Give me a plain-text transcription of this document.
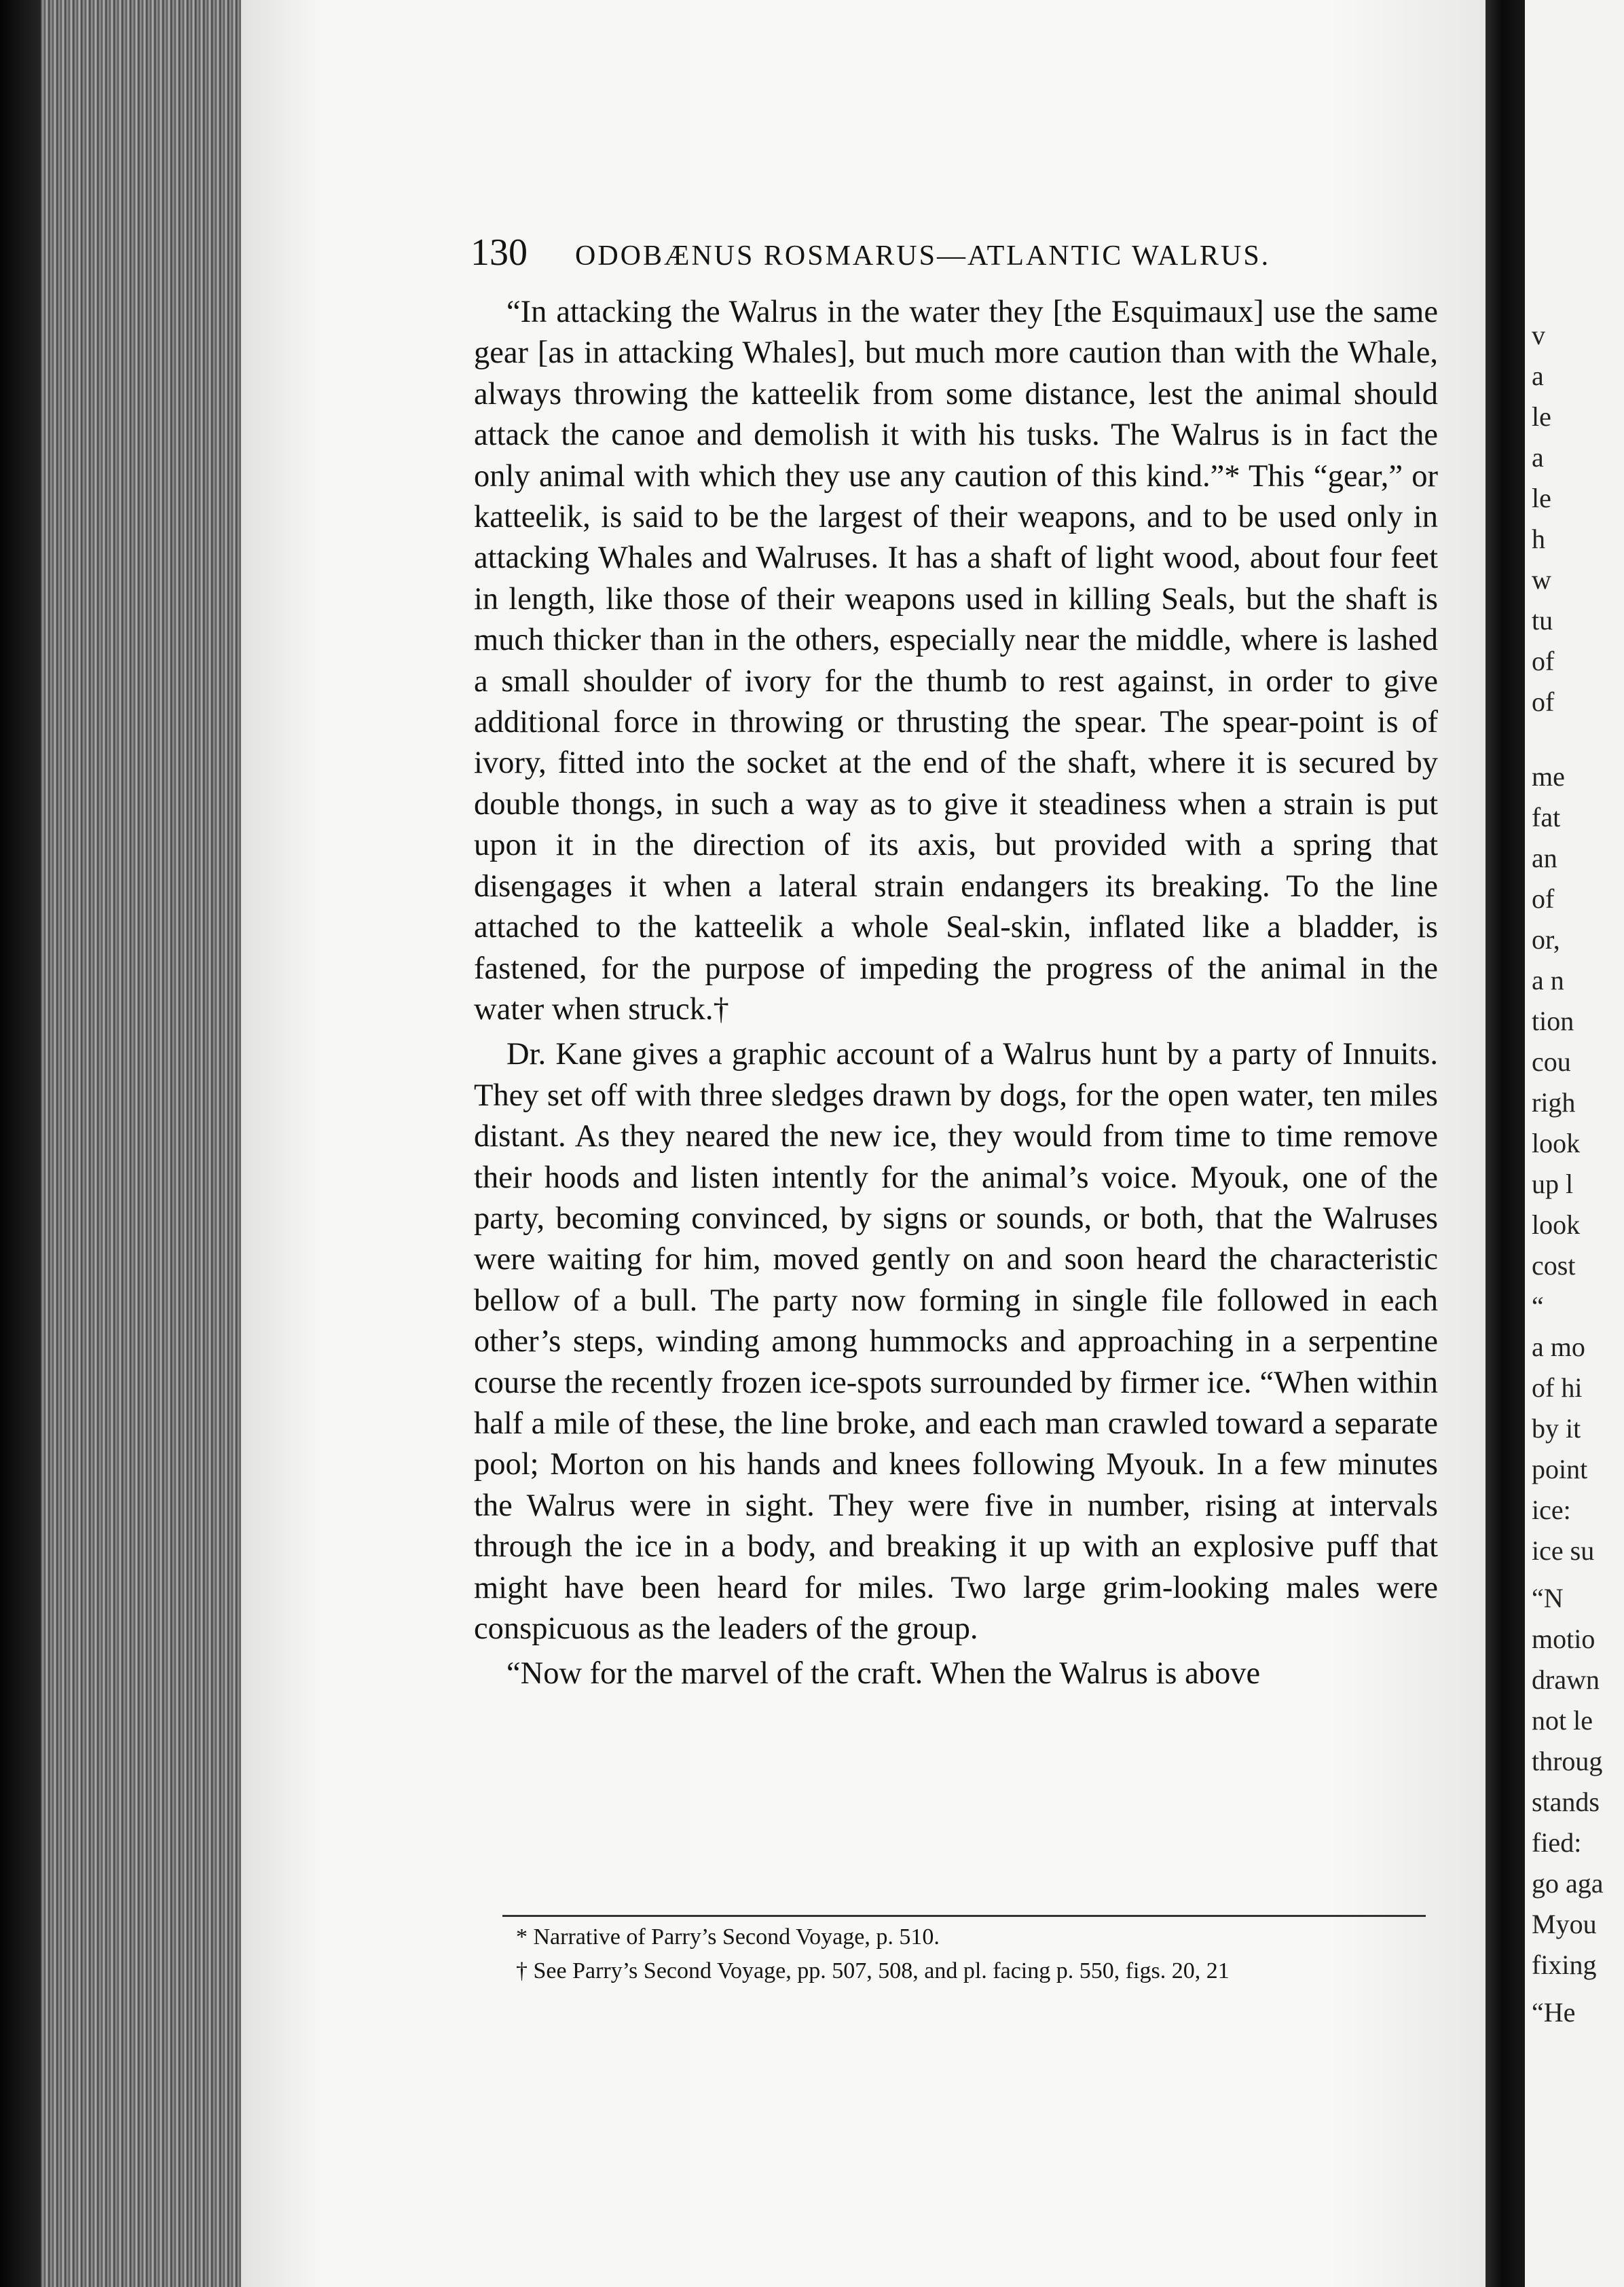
v
a
le
a
le
h
w
tu
of
of
me
fat
an
of
or,
a n
tion
cou
righ
look
up l
look
cost
“
a mo
of hi
by it
point
ice:
ice su
“N
motio
drawn
not le
throug
stands
fied:
go aga
Myou
fixing
“He
130 ODOBÆNUS ROSMARUS—ATLANTIC WALRUS.

“In attacking the Walrus in the water they [the Esquimaux] use the same gear [as in attacking Whales], but much more caution than with the Whale, always throwing the katteelik from some distance, lest the animal should attack the canoe and demolish it with his tusks. The Walrus is in fact the only animal with which they use any caution of this kind.”* This “gear,” or katteelik, is said to be the largest of their weapons, and to be used only in attacking Whales and Walruses. It has a shaft of light wood, about four feet in length, like those of their weapons used in killing Seals, but the shaft is much thicker than in the others, especially near the middle, where is lashed a small shoulder of ivory for the thumb to rest against, in order to give additional force in throwing or thrusting the spear. The spear-point is of ivory, fitted into the socket at the end of the shaft, where it is secured by double thongs, in such a way as to give it steadiness when a strain is put upon it in the direction of its axis, but provided with a spring that disengages it when a lateral strain endangers its breaking. To the line attached to the katteelik a whole Seal-skin, inflated like a bladder, is fastened, for the purpose of impeding the progress of the animal in the water when struck.†

Dr. Kane gives a graphic account of a Walrus hunt by a party of Innuits. They set off with three sledges drawn by dogs, for the open water, ten miles distant. As they neared the new ice, they would from time to time remove their hoods and listen intently for the animal’s voice. Myouk, one of the party, becoming convinced, by signs or sounds, or both, that the Walruses were waiting for him, moved gently on and soon heard the characteristic bellow of a bull. The party now forming in single file followed in each other’s steps, winding among hummocks and approaching in a serpentine course the recently frozen ice-spots surrounded by firmer ice. “When within half a mile of these, the line broke, and each man crawled toward a separate pool; Morton on his hands and knees following Myouk. In a few minutes the Walrus were in sight. They were five in number, rising at intervals through the ice in a body, and breaking it up with an explosive puff that might have been heard for miles. Two large grim-looking males were conspicuous as the leaders of the group.

“Now for the marvel of the craft. When the Walrus is above

* Narrative of Parry’s Second Voyage, p. 510.
† See Parry’s Second Voyage, pp. 507, 508, and pl. facing p. 550, figs. 20, 21
